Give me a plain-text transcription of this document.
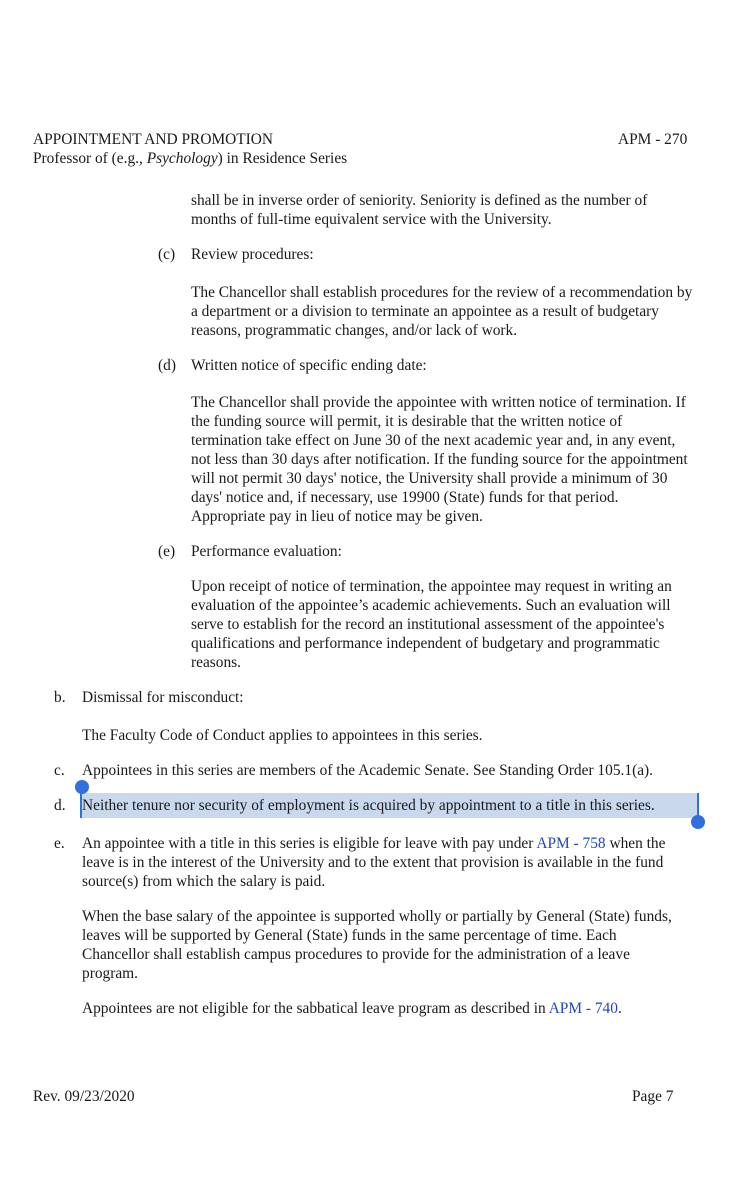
APPOINTMENT AND PROMOTION	APM - 270
Professor of (e.g., Psychology) in Residence Series
shall be in inverse order of seniority. Seniority is defined as the number of
months of full-time equivalent service with the University.
(c) Review procedures:
The Chancellor shall establish procedures for the review of a recommendation by
a department or a division to terminate an appointee as a result of budgetary
reasons, programmatic changes, and/or lack of work.
(d) Written notice of specific ending date:
The Chancellor shall provide the appointee with written notice of termination. If
the funding source will permit, it is desirable that the written notice of
termination take effect on June 30 of the next academic year and, in any event,
not less than 30 days after notification. If the funding source for the appointment
will not permit 30 days' notice, the University shall provide a minimum of 30
days' notice and, if necessary, use 19900 (State) funds for that period.
Appropriate pay in lieu of notice may be given.
(e) Performance evaluation:
Upon receipt of notice of termination, the appointee may request in writing an
evaluation of the appointee’s academic achievements. Such an evaluation will
serve to establish for the record an institutional assessment of the appointee's
qualifications and performance independent of budgetary and programmatic
reasons.
b. Dismissal for misconduct:
The Faculty Code of Conduct applies to appointees in this series.
c. Appointees in this series are members of the Academic Senate. See Standing Order 105.1(a).
d. Neither tenure nor security of employment is acquired by appointment to a title in this series.
e. An appointee with a title in this series is eligible for leave with pay under APM - 758 when the
leave is in the interest of the University and to the extent that provision is available in the fund
source(s) from which the salary is paid.
When the base salary of the appointee is supported wholly or partially by General (State) funds,
leaves will be supported by General (State) funds in the same percentage of time. Each
Chancellor shall establish campus procedures to provide for the administration of a leave
program.
Appointees are not eligible for the sabbatical leave program as described in APM - 740.
Rev. 09/23/2020	Page 7
